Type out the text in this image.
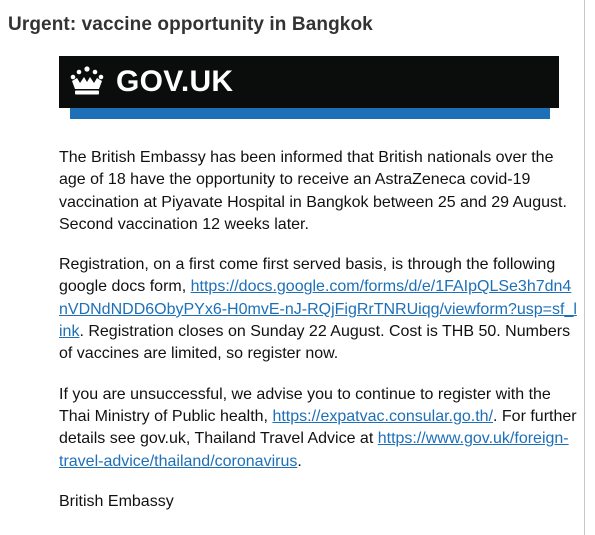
Urgent: vaccine opportunity in Bangkok
GOV.UK

The British Embassy has been informed that British nationals over the age of 18 have the opportunity to receive an AstraZeneca covid-19 vaccination at Piyavate Hospital in Bangkok between 25 and 29 August. Second vaccination 12 weeks later.

Registration, on a first come first served basis, is through the following google docs form, https://docs.google.com/forms/d/e/1FAIpQLSe3h7dn4nVDNdNDD6ObyPYx6-H0mvE-nJ-RQjFigRrTNRUiqg/viewform?usp=sf_link. Registration closes on Sunday 22 August. Cost is THB 50. Numbers of vaccines are limited, so register now.

If you are unsuccessful, we advise you to continue to register with the Thai Ministry of Public health, https://expatvac.consular.go.th/. For further details see gov.uk, Thailand Travel Advice at https://www.gov.uk/foreign-travel-advice/thailand/coronavirus.

British Embassy
